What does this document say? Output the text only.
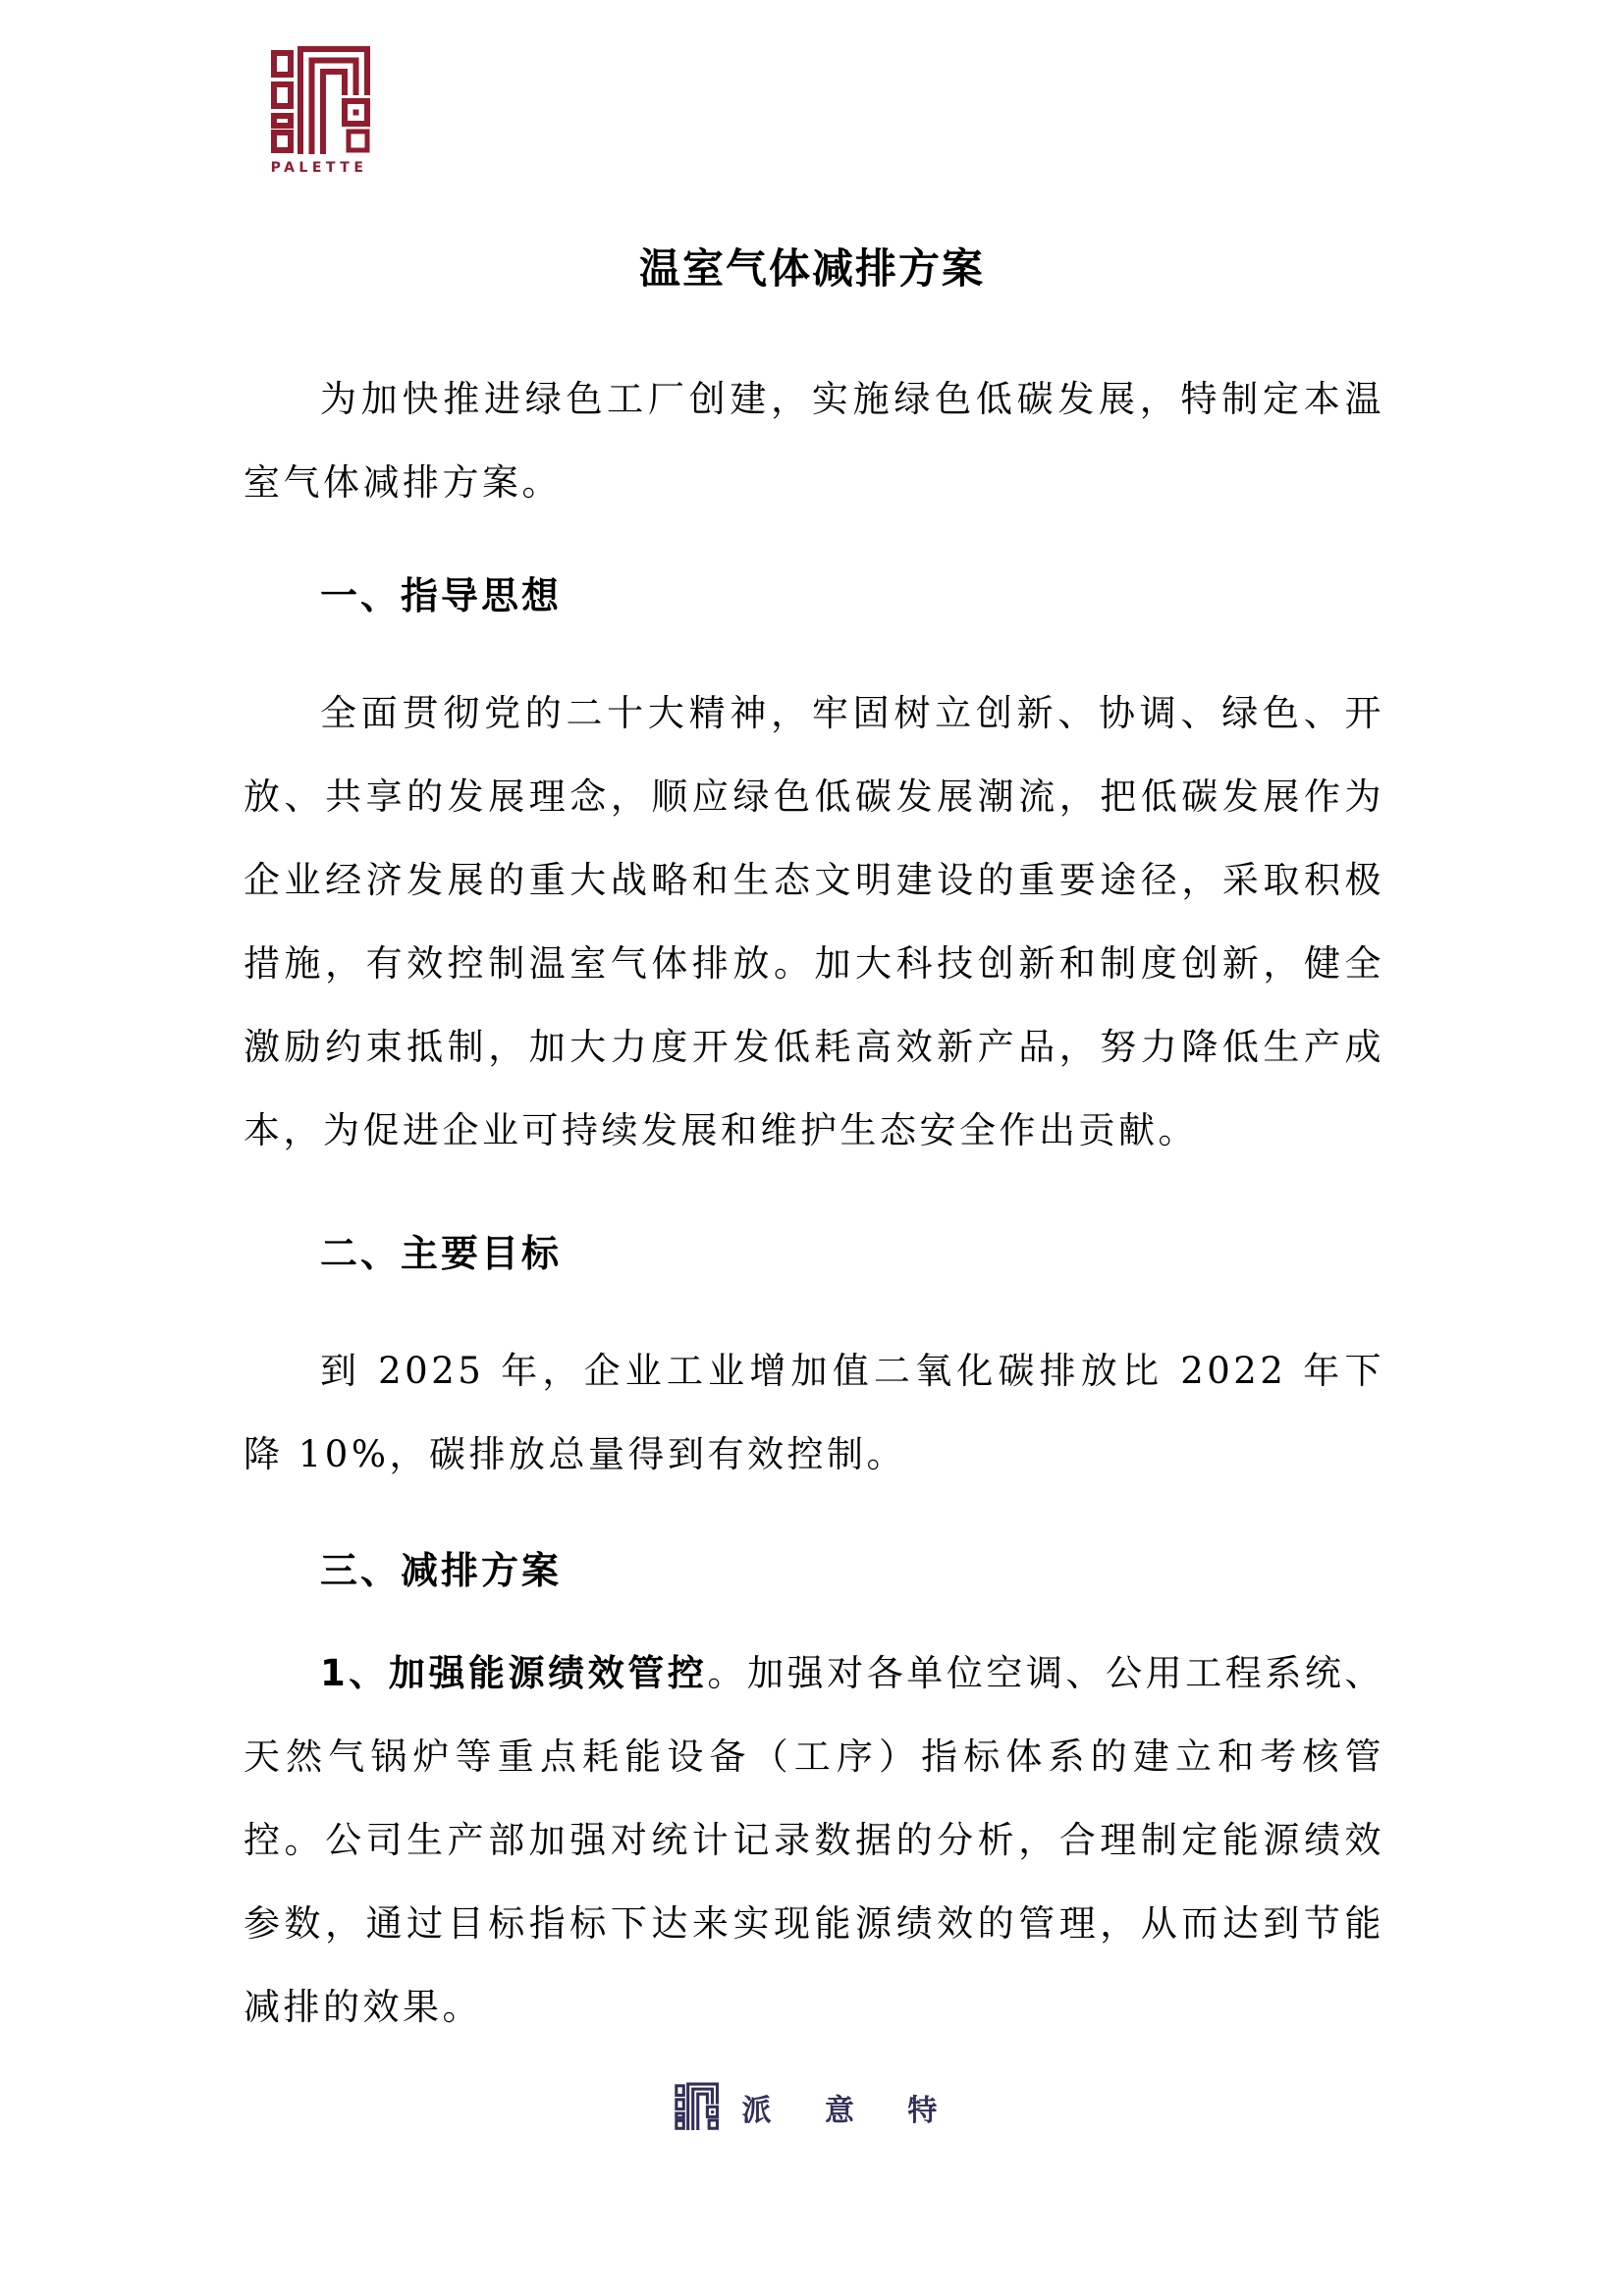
PALETTE
温室气体减排方案
为加快推进绿色工厂创建，实施绿色低碳发展，特制定本温室气体减排方案。
一、指导思想
全面贯彻党的二十大精神，牢固树立创新、协调、绿色、开放、共享的发展理念，顺应绿色低碳发展潮流，把低碳发展作为企业经济发展的重大战略和生态文明建设的重要途径，采取积极措施，有效控制温室气体排放。加大科技创新和制度创新，健全激励约束抵制，加大力度开发低耗高效新产品，努力降低生产成本，为促进企业可持续发展和维护生态安全作出贡献。
二、主要目标
到 2025 年，企业工业增加值二氧化碳排放比 2022 年下降 10%，碳排放总量得到有效控制。
三、减排方案
1、加强能源绩效管控。加强对各单位空调、公用工程系统、天然气锅炉等重点耗能设备（工序）指标体系的建立和考核管控。公司生产部加强对统计记录数据的分析，合理制定能源绩效参数，通过目标指标下达来实现能源绩效的管理，从而达到节能减排的效果。
派 意 特
